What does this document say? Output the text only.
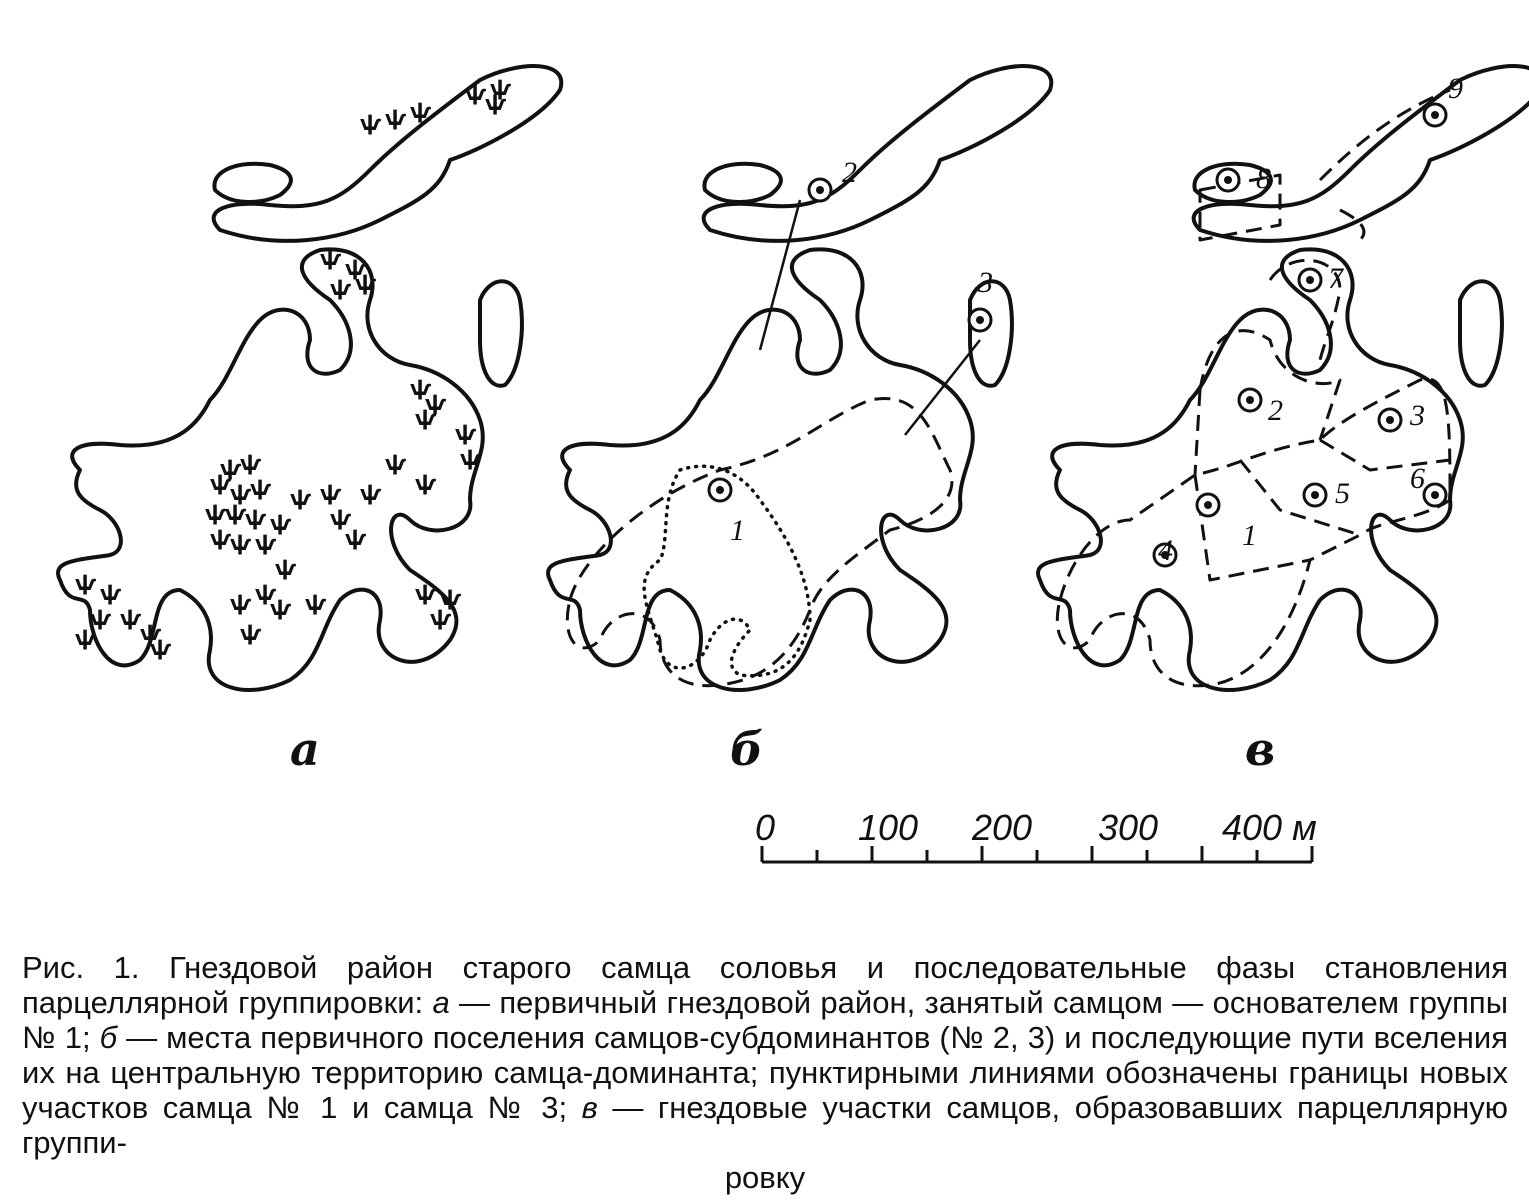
ѱ ѱ ѱ
ѱ
ѱ
ѱ
ѱ ѱ
ѱ ѱ
ѱ
ѱ
ѱ
ѱ
ѱ
ѱ
ѱ
ѱ
ѱ
ѱ
ѱ
ѱ
ѱ
ѱ
ѱ ѱ
ѱ
ѱ ѱ
ѱ
ѱ
ѱ
ѱ
ѱ
ѱ
ѱ
ѱ ѱ
ѱ
ѱ ѱ
ѱ ѱ
ѱ
ѱ	ѱ
ѱ ѱ
ѱ
ѱ
а
1
2
3
б
1
2	3
4
5 6
7
8
9
в
0 100 200 300 400 м

Рис. 1. Гнездовой район старого самца соловья и последовательные фазы становления парцеллярной группировки: а — первичный гнездовой район, занятый самцом — основателем группы № 1; б — места первичного поселения самцов-субдоминантов (№ 2, 3) и последующие пути вселения их на центральную территорию самца-доминанта; пунктирными линиями обозначены границы новых участков самца № 1 и самца № 3; в — гнездовые участки самцов, образовавших парцеллярную группи-

ровку
